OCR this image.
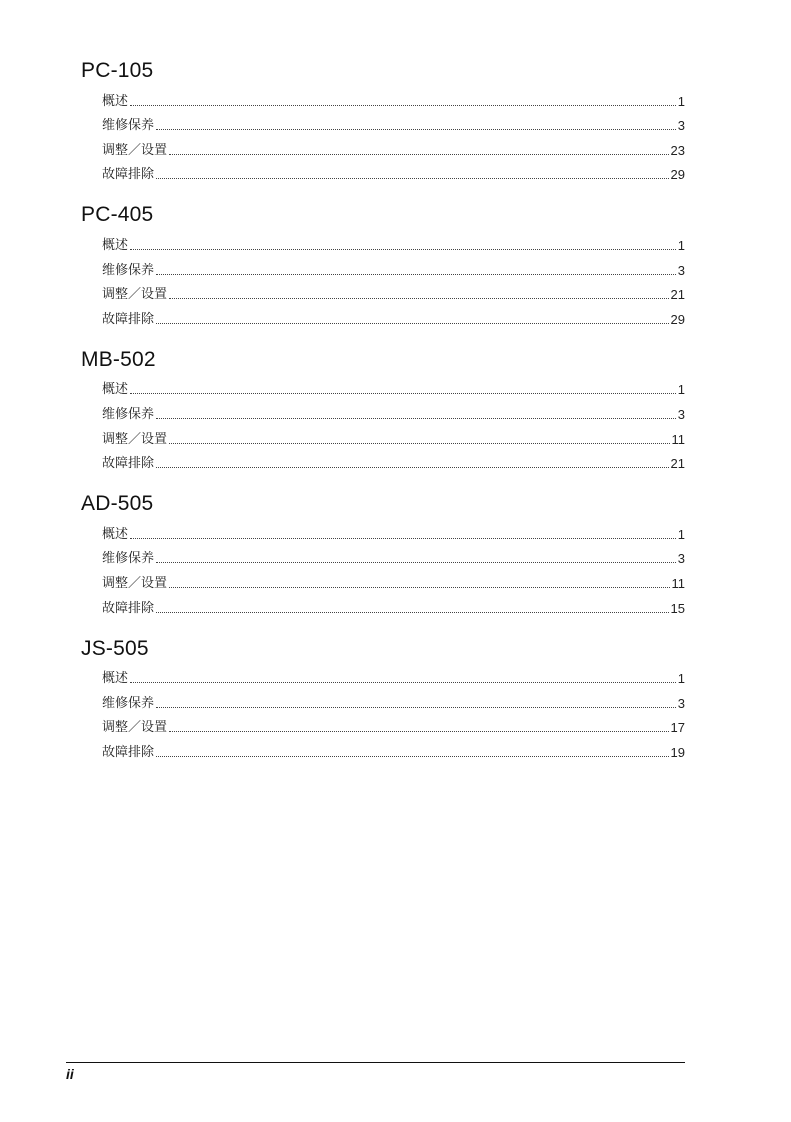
PC-105
概述	1
维修保养	3
调整／设置	23
故障排除	29
PC-405
概述	1
维修保养	3
调整／设置	21
故障排除	29
MB-502
概述	1
维修保养	3
调整／设置	11
故障排除	21
AD-505
概述	1
维修保养	3
调整／设置	11
故障排除	15
JS-505
概述	1
维修保养	3
调整／设置	17
故障排除	19
ii
